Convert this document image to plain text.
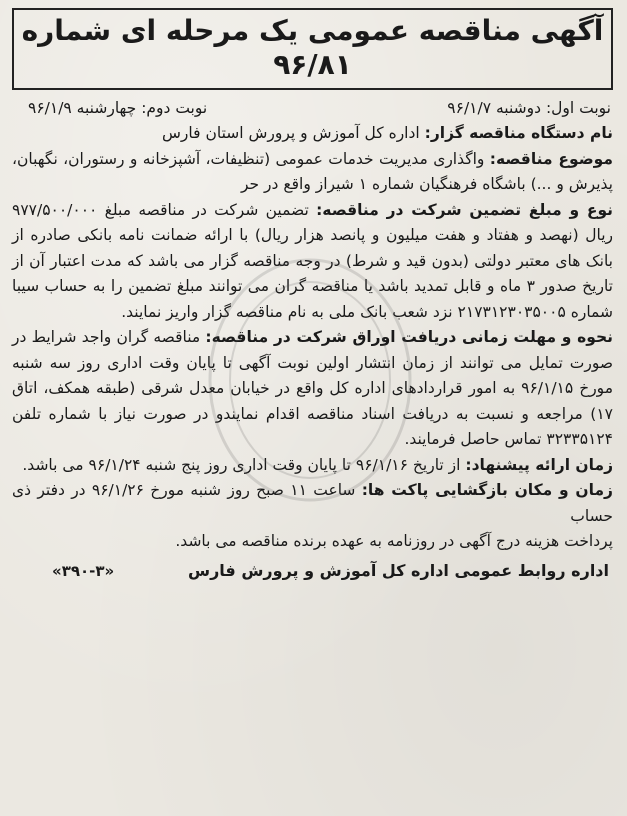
آگهی مناقصه عمومی یک مرحله ای شماره ۹۶/۸۱
نوبت اول: دوشنبه ۹۶/۱/۷
نوبت دوم: چهارشنبه ۹۶/۱/۹

نام دستگاه مناقصه گزار: اداره کل آموزش و پرورش استان فارس

موضوع مناقصه: واگذاری مدیریت خدمات عمومی (تنظیفات، آشپزخانه و رستوران، نگهبان، پذیرش و ...) باشگاه فرهنگیان شماره ۱ شیراز واقع در حر

نوع و مبلغ تضمین شرکت در مناقصه: تضمین شرکت در مناقصه مبلغ ۹۷۷/۵۰۰/۰۰۰ ریال (نهصد و هفتاد و هفت میلیون و پانصد هزار ریال) با ارائه ضمانت نامه بانکی صادره از بانک های معتبر دولتی (بدون قید و شرط) در وجه مناقصه گزار می باشد که مدت اعتبار آن از تاریخ صدور ۳ ماه و قابل تمدید باشد یا مناقصه گران می توانند مبلغ تضمین را به حساب سیبا شماره ۲۱۷۳۱۲۳۰۳۵۰۰۵ نزد شعب بانک ملی به نام مناقصه گزار واریز نمایند.

نحوه و مهلت زمانی دریافت اوراق شرکت در مناقصه: مناقصه گران واجد شرایط در صورت تمایل می توانند از زمان انتشار اولین نوبت آگهی تا پایان وقت اداری روز سه شنبه مورخ ۹۶/۱/۱۵ به امور قراردادهای اداره کل واقع در خیابان معدل شرقی (طبقه همکف، اتاق ۱۷) مراجعه و نسبت به دریافت اسناد مناقصه اقدام نمایندو در صورت نیاز با شماره تلفن ۳۲۳۳۵۱۲۴ تماس حاصل فرمایند.

زمان ارائه پیشنهاد: از تاریخ ۹۶/۱/۱۶ تا پایان وقت اداری روز پنج شنبه ۹۶/۱/۲۴ می باشد.

زمان و مکان بازگشایی پاکت ها: ساعت ۱۱ صبح روز شنبه مورخ ۹۶/۱/۲۶ در دفتر ذی حساب

پرداخت هزینه درج آگهی در روزنامه به عهده برنده مناقصه می باشد.

اداره روابط عمومی اداره کل آموزش و پرورش فارس
«۳۹۰-۳»
